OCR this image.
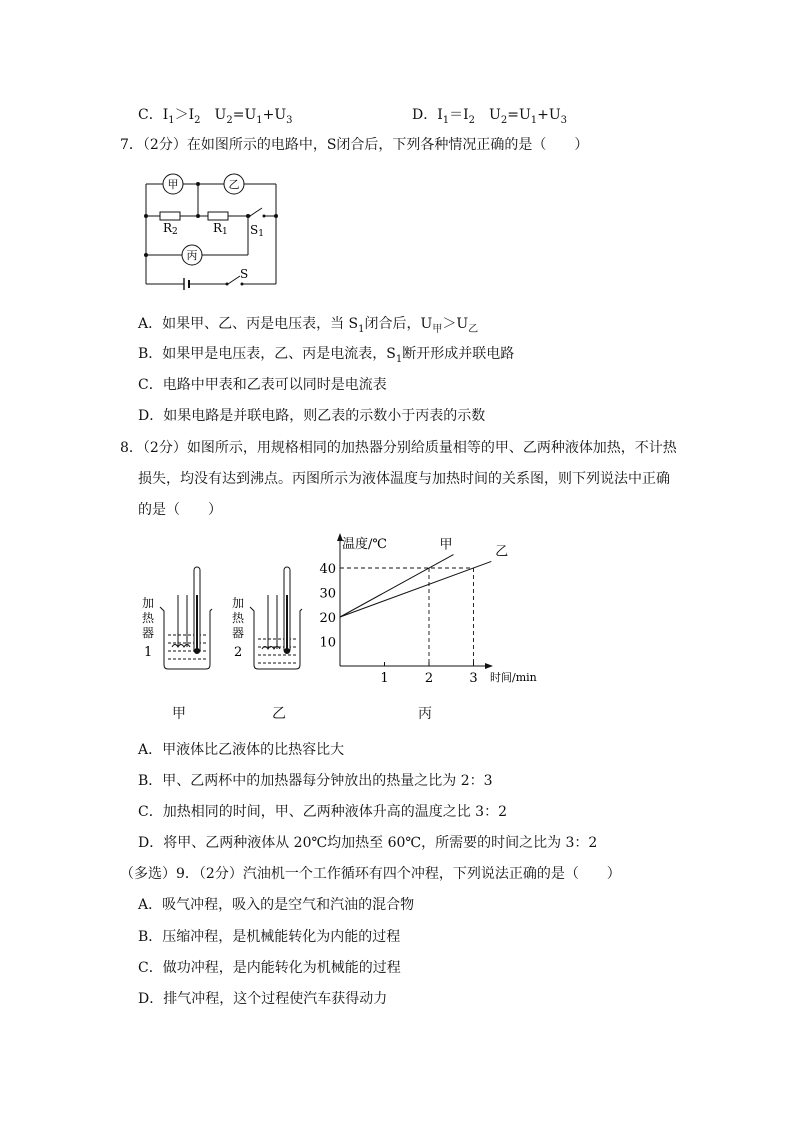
C．$I_1>I_2$　$U_2=U_1+U_3$	D．$I_1=I_2$　$U_2=U_1+U_3$
7．（2分）在如图所示的电路中，S闭合后，下列各种情况正确的是（　　）
甲	乙
丙
R2	R1 S1
S
A．如果甲、乙、丙是电压表，当 $S_1$闭合后，$U_甲>U_乙$
B．如果甲是电压表，乙、丙是电流表，$S_1$断开形成并联电路
C．电路中甲表和乙表可以同时是电流表
D．如果电路是并联电路，则乙表的示数小于丙表的示数
8．（2分）如图所示，用规格相同的加热器分别给质量相等的甲、乙两种液体加热，不计热
损失，均没有达到沸点。丙图所示为液体温度与加热时间的关系图，则下列说法中正确
的是（　　）
加
热
器
1
甲
加
热
器
2
乙
温度/℃
时间/min
10
20
30
40
1	2	3
甲	乙
丙
A．甲液体比乙液体的比热容比大
B．甲、乙两杯中的加热器每分钟放出的热量之比为 2：3
C．加热相同的时间，甲、乙两种液体升高的温度之比 3：2
D．将甲、乙两种液体从 20℃均加热至 60℃，所需要的时间之比为 3：2
（多选）9．（2分）汽油机一个工作循环有四个冲程，下列说法正确的是（　　）
A．吸气冲程，吸入的是空气和汽油的混合物
B．压缩冲程，是机械能转化为内能的过程
C．做功冲程，是内能转化为机械能的过程
D．排气冲程，这个过程使汽车获得动力
